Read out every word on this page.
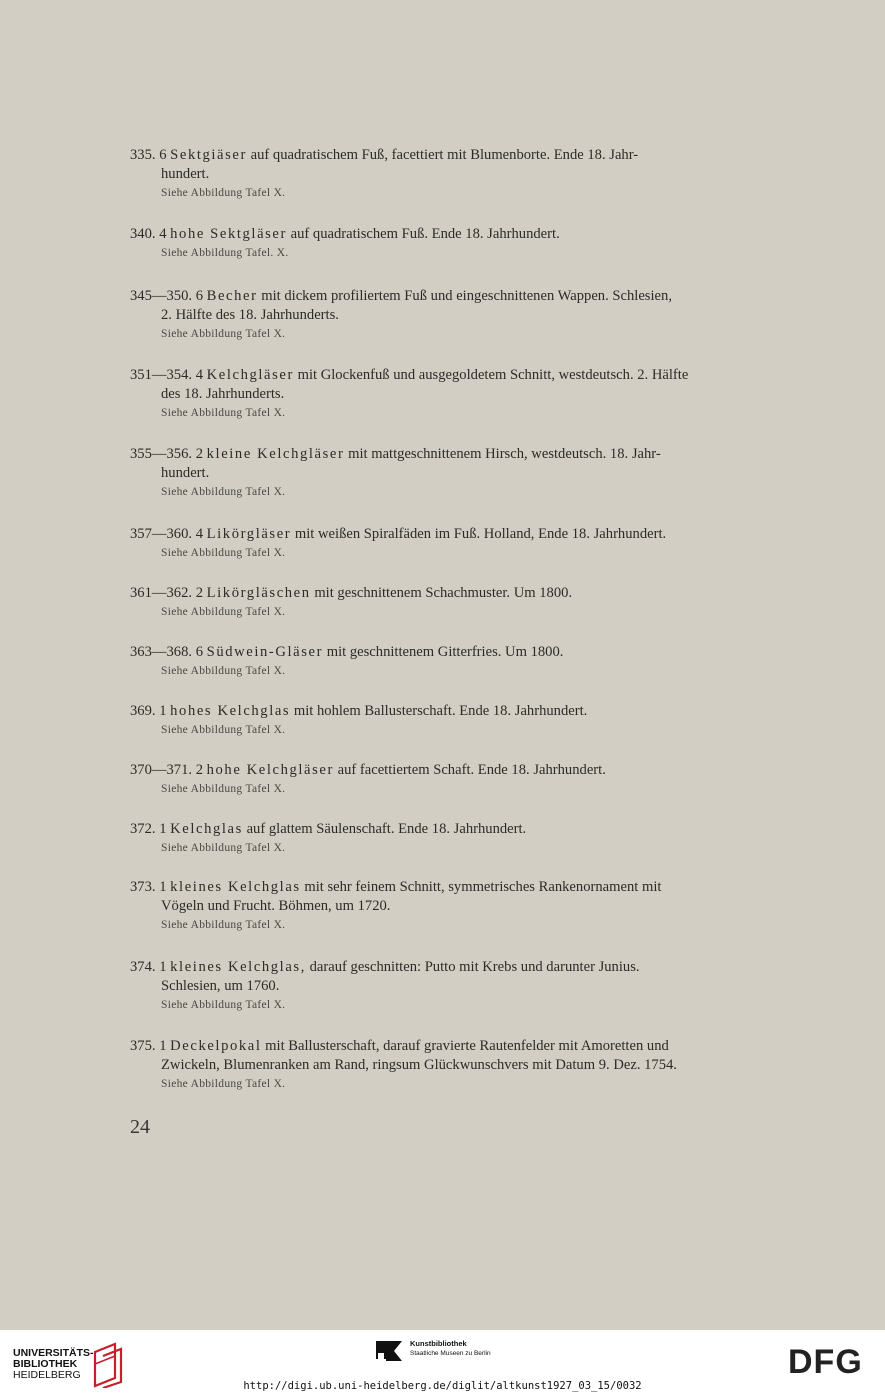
335. 6 Sektgiäser auf quadratischem Fuß, facettiert mit Blumenborte. Ende 18. Jahr-
hundert.
Siehe Abbildung Tafel X.
340. 4 hohe Sektgläser auf quadratischem Fuß. Ende 18. Jahrhundert.
Siehe Abbildung Tafel. X.
345—350. 6 Becher mit dickem profiliertem Fuß und eingeschnittenen Wappen. Schlesien,
2. Hälfte des 18. Jahrhunderts.
Siehe Abbildung Tafel X.
351—354. 4 Kelchgläser mit Glockenfuß und ausgegoldetem Schnitt, westdeutsch. 2. Hälfte
des 18. Jahrhunderts.
Siehe Abbildung Tafel X.
355—356. 2 kleine Kelchgläser mit mattgeschnittenem Hirsch, westdeutsch. 18. Jahr-
hundert.
Siehe Abbildung Tafel X.
357—360. 4 Likörgläser mit weißen Spiralfäden im Fuß. Holland, Ende 18. Jahrhundert.
Siehe Abbildung Tafel X.
361—362. 2 Likörgläschen mit geschnittenem Schachmuster. Um 1800.
Siehe Abbildung Tafel X.
363—368. 6 Südwein-Gläser mit geschnittenem Gitterfries. Um 1800.
Siehe Abbildung Tafel X.
369. 1 hohes Kelchglas mit hohlem Ballusterschaft. Ende 18. Jahrhundert.
Siehe Abbildung Tafel X.
370—371. 2 hohe Kelchgläser auf facettiertem Schaft. Ende 18. Jahrhundert.
Siehe Abbildung Tafel X.
372. 1 Kelchglas auf glattem Säulenschaft. Ende 18. Jahrhundert.
Siehe Abbildung Tafel X.
373. 1 kleines Kelchglas mit sehr feinem Schnitt, symmetrisches Rankenornament mit
Vögeln und Frucht. Böhmen, um 1720.
Siehe Abbildung Tafel X.
374. 1 kleines Kelchglas, darauf geschnitten: Putto mit Krebs und darunter Junius.
Schlesien, um 1760.
Siehe Abbildung Tafel X.
375. 1 Deckelpokal mit Ballusterschaft, darauf gravierte Rautenfelder mit Amoretten und
Zwickeln, Blumenranken am Rand, ringsum Glückwunschvers mit Datum 9. Dez. 1754.
Siehe Abbildung Tafel X.
24
UNIVERSITÄTS-
BIBLIOTHEK
HEIDELBERG
Kunstbibliothek
Staatliche Museen zu Berlin	DFG
http://digi.ub.uni-heidelberg.de/diglit/altkunst1927_03_15/0032
